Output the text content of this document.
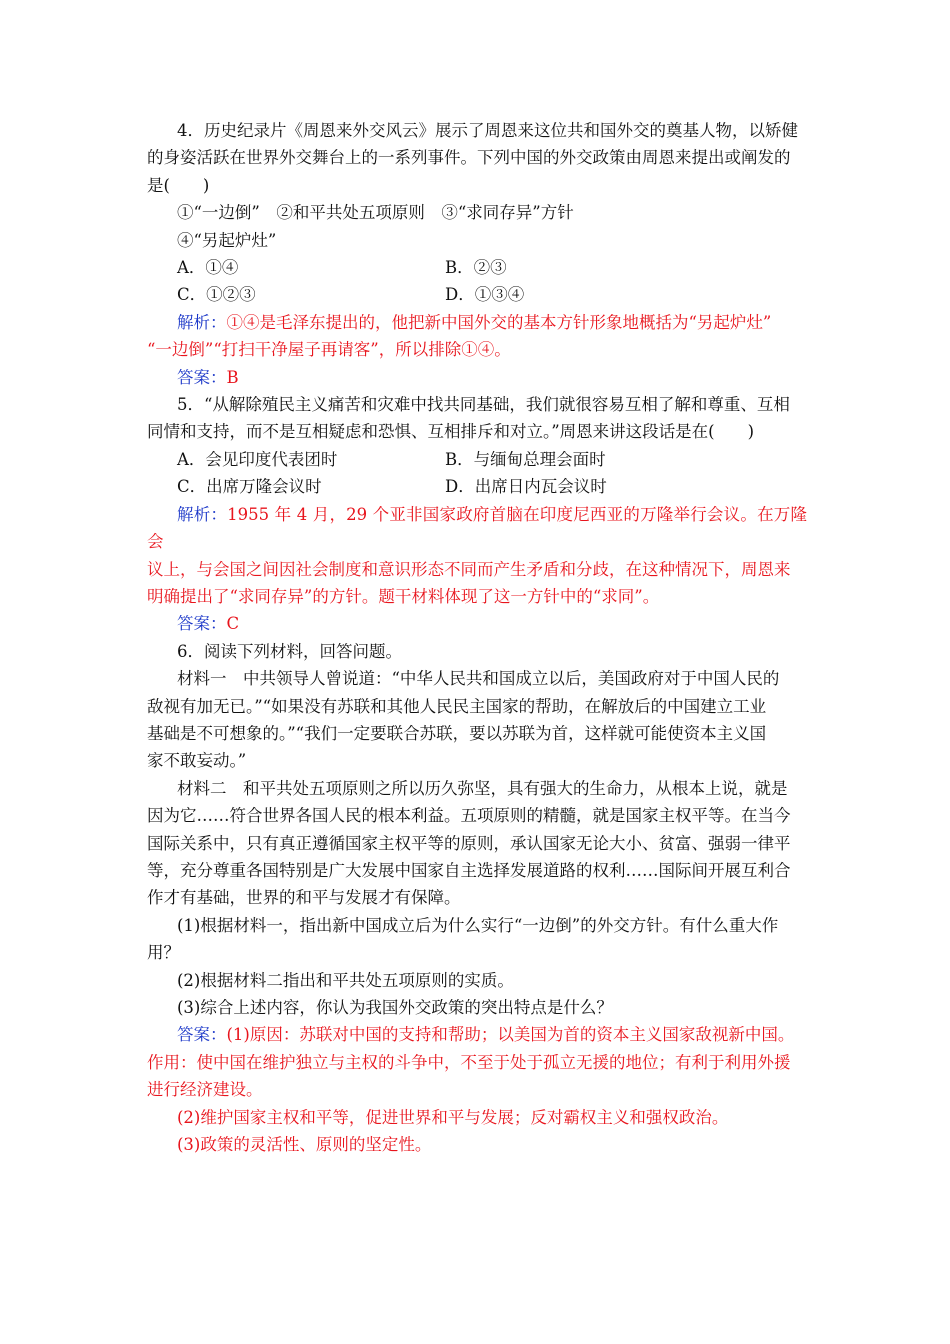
4．历史纪录片《周恩来外交风云》展示了周恩来这位共和国外交的奠基人物，以矫健

的身姿活跃在世界外交舞台上的一系列事件。下列中国的外交政策由周恩来提出或阐发的

是(　　)

①“一边倒”　②和平共处五项原则　③“求同存异”方针

④“另起炉灶”

A．①④	B．②③
C．①②③	D．①③④

解析：①④是毛泽东提出的，他把新中国外交的基本方针形象地概括为“另起炉灶”

“一边倒”“打扫干净屋子再请客”，所以排除①④。

答案：B

5．“从解除殖民主义痛苦和灾难中找共同基础，我们就很容易互相了解和尊重、互相

同情和支持，而不是互相疑虑和恐惧、互相排斥和对立。”周恩来讲这段话是在(　　)

A．会见印度代表团时	B．与缅甸总理会面时
C．出席万隆会议时	D．出席日内瓦会议时

解析：1955 年 4 月，29 个亚非国家政府首脑在印度尼西亚的万隆举行会议。在万隆会

议上，与会国之间因社会制度和意识形态不同而产生矛盾和分歧，在这种情况下，周恩来

明确提出了“求同存异”的方针。题干材料体现了这一方针中的“求同”。

答案：C

6．阅读下列材料，回答问题。

材料一　中共领导人曾说道：“中华人民共和国成立以后，美国政府对于中国人民的

敌视有加无已。”“如果没有苏联和其他人民民主国家的帮助，在解放后的中国建立工业

基础是不可想象的。”“我们一定要联合苏联，要以苏联为首，这样就可能使资本主义国

家不敢妄动。”

材料二　和平共处五项原则之所以历久弥坚，具有强大的生命力，从根本上说，就是

因为它……符合世界各国人民的根本利益。五项原则的精髓，就是国家主权平等。在当今

国际关系中，只有真正遵循国家主权平等的原则，承认国家无论大小、贫富、强弱一律平

等，充分尊重各国特别是广大发展中国家自主选择发展道路的权利……国际间开展互利合

作才有基础，世界的和平与发展才有保障。

(1)根据材料一，指出新中国成立后为什么实行“一边倒”的外交方针。有什么重大作

用？

(2)根据材料二指出和平共处五项原则的实质。

(3)综合上述内容，你认为我国外交政策的突出特点是什么？

答案：(1)原因：苏联对中国的支持和帮助；以美国为首的资本主义国家敌视新中国。

作用：使中国在维护独立与主权的斗争中，不至于处于孤立无援的地位；有利于利用外援

进行经济建设。

(2)维护国家主权和平等，促进世界和平与发展；反对霸权主义和强权政治。

(3)政策的灵活性、原则的坚定性。
